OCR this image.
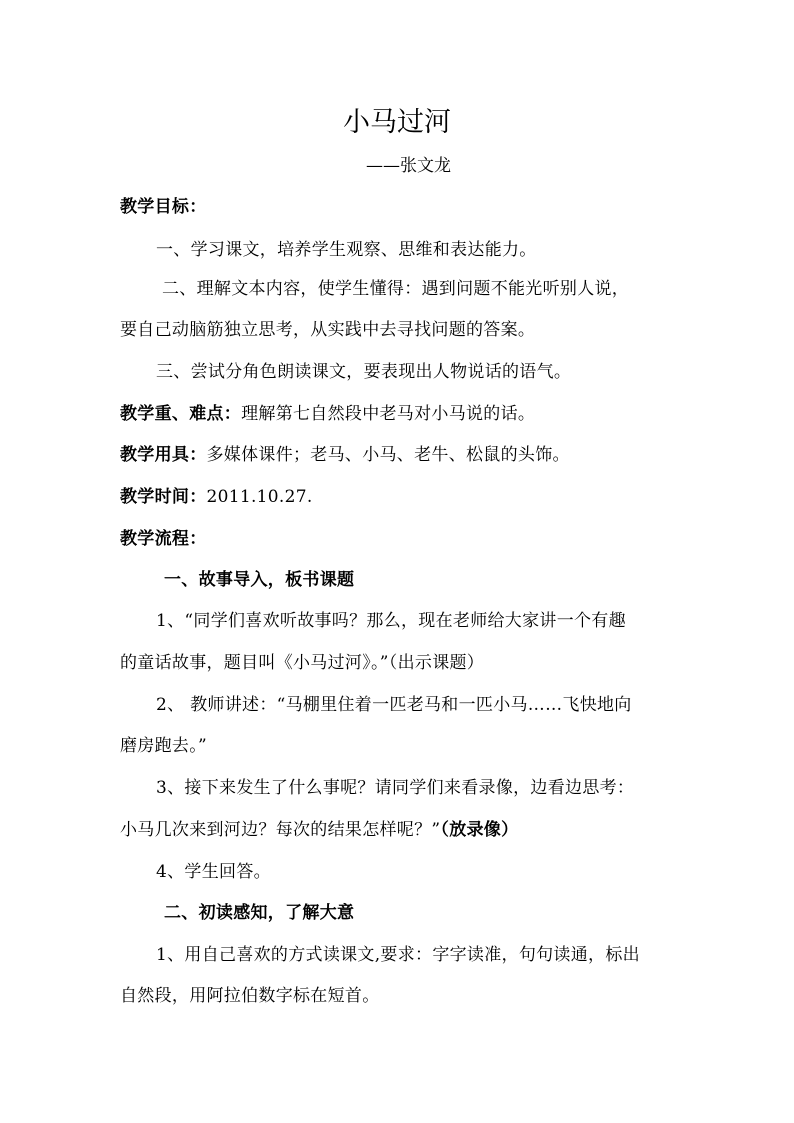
小马过河
——张文龙
教学目标：
一、学习课文，培养学生观察、思维和表达能力。
二、理解文本内容，使学生懂得：遇到问题不能光听别人说，
要自己动脑筋独立思考，从实践中去寻找问题的答案。
三、尝试分角色朗读课文，要表现出人物说话的语气。
教学重、难点：理解第七自然段中老马对小马说的话。
教学用具：多媒体课件；老马、小马、老牛、松鼠的头饰。
教学时间：2011.10.27.
教学流程：
一、故事导入，板书课题
1、“同学们喜欢听故事吗？那么，现在老师给大家讲一个有趣
的童话故事，题目叫《小马过河》。”（出示课题）
2、 教师讲述：“马棚里住着一匹老马和一匹小马……飞快地向
磨房跑去。”
3、接下来发生了什么事呢？请同学们来看录像，边看边思考：
小马几次来到河边？每次的结果怎样呢？”（放录像）
4、学生回答。
二、初读感知，了解大意
1、用自己喜欢的方式读课文,要求：字字读准，句句读通，标出
自然段，用阿拉伯数字标在短首。
